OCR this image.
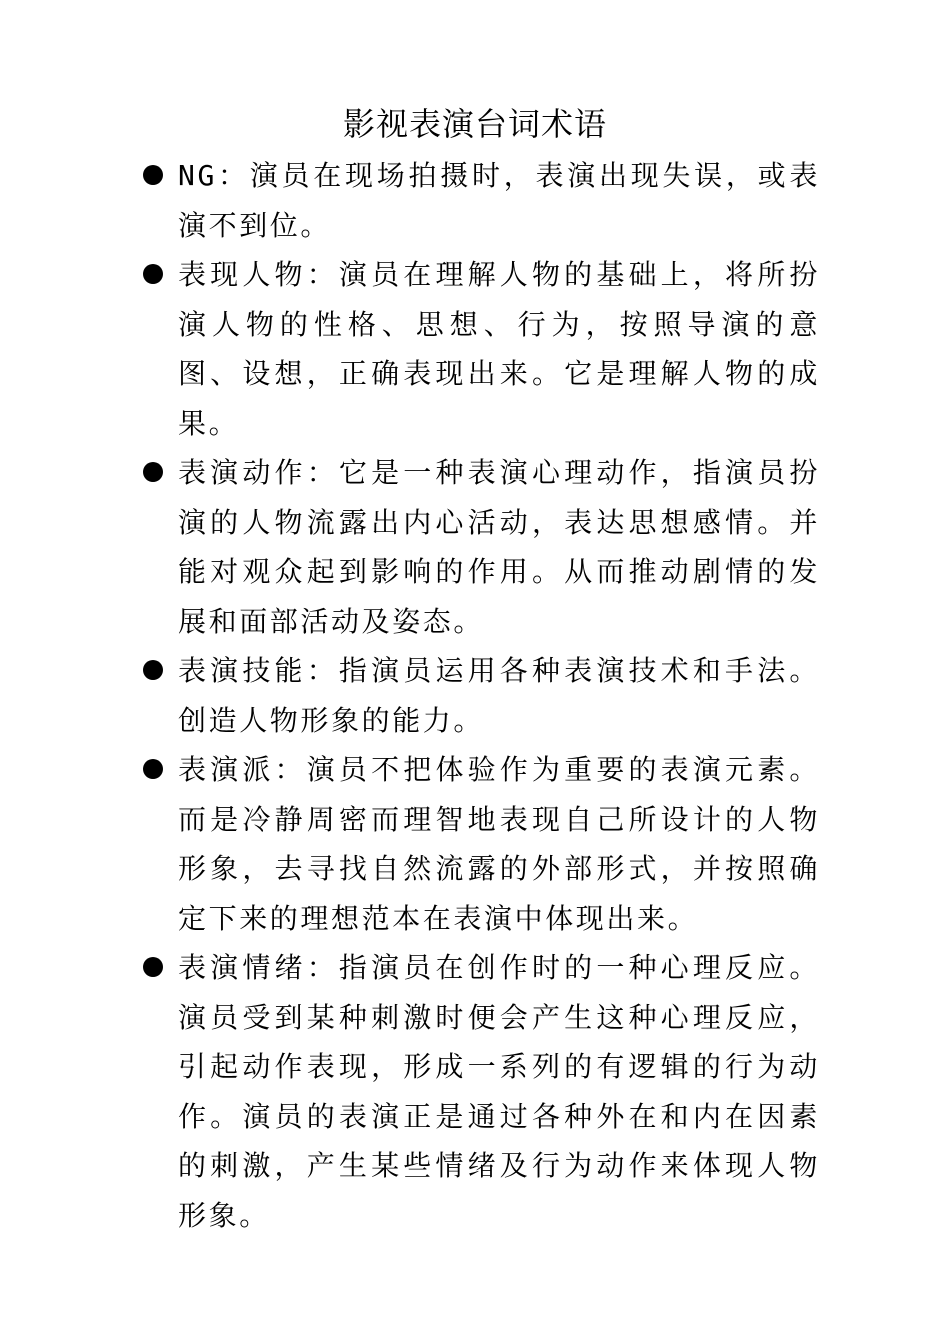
影视表演台词术语
NG：演员在现场拍摄时，表演出现失误，或表演不到位。
表现人物：演员在理解人物的基础上，将所扮演人物的性格、思想、行为，按照导演的意图、设想，正确表现出来。它是理解人物的成果。
表演动作：它是一种表演心理动作，指演员扮演的人物流露出内心活动，表达思想感情。并能对观众起到影响的作用。从而推动剧情的发展和面部活动及姿态。
表演技能：指演员运用各种表演技术和手法。创造人物形象的能力。
表演派：演员不把体验作为重要的表演元素。而是冷静周密而理智地表现自己所设计的人物形象，去寻找自然流露的外部形式，并按照确定下来的理想范本在表演中体现出来。
表演情绪：指演员在创作时的一种心理反应。演员受到某种刺激时便会产生这种心理反应，引起动作表现，形成一系列的有逻辑的行为动作。演员的表演正是通过各种外在和内在因素的刺激，产生某些情绪及行为动作来体现人物形象。
